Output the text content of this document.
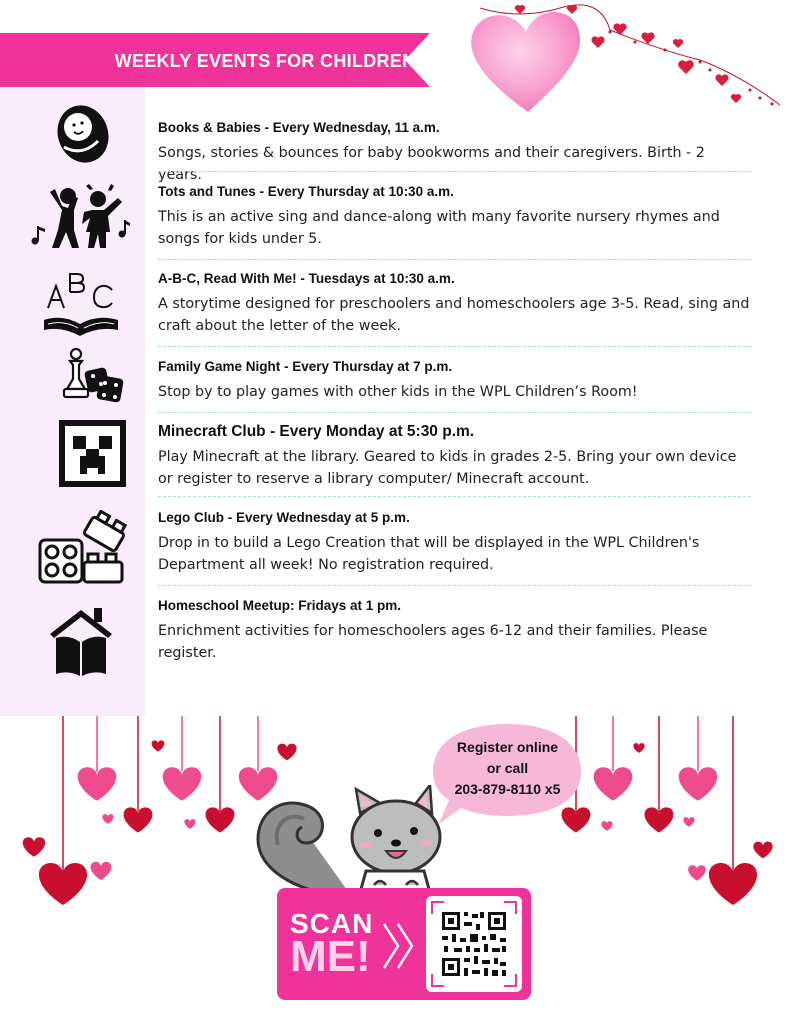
WEEKLY EVENTS FOR CHILDREN
Books & Babies - Every Wednesday, 11 a.m.
Songs, stories & bounces for baby bookworms and their caregivers. Birth - 2 years.
Tots and Tunes - Every Thursday at 10:30 a.m.
This is an active sing and dance-along with many favorite nursery rhymes and songs for kids under 5.
A-B-C, Read With Me! - Tuesdays at 10:30 a.m.
A storytime designed for preschoolers and homeschoolers age 3-5. Read, sing and craft about the letter of the week.
Family Game Night - Every Thursday at 7 p.m.
Stop by to play games with other kids in the WPL Children’s Room!
Minecraft Club - Every Monday at 5:30 p.m.
Play Minecraft at the library. Geared to kids in grades 2-5. Bring your own device or register to reserve a library computer/ Minecraft account.
Lego Club - Every Wednesday at 5 p.m.
Drop in to build a Lego Creation that will be displayed in the WPL Children's Department all week! No registration required.
Homeschool Meetup: Fridays at 1 pm.
Enrichment activities for homeschoolers ages 6-12 and their families. Please register.
Register online
or call
203-879-8110 x5
SCAN
ME!
